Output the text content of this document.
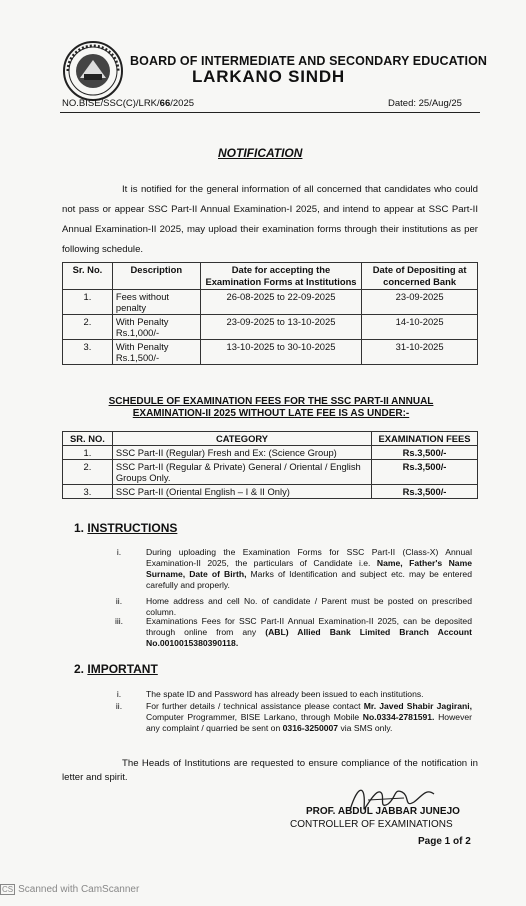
BOARD OF INTERMEDIATE AND SECONDARY EDUCATION
LARKANO SINDH
NO.BISE/SSC(C)/LRK/66/2025	Dated: 25/Aug/25
NOTIFICATION
It is notified for the general information of all concerned that candidates who could not pass or appear SSC Part-II Annual Examination-I 2025, and intend to appear at SSC Part-II Annual Examination-II 2025, may upload their examination forms through their institutions as per following schedule.
Sr. No.	Description	Date for accepting the Examination Forms at Institutions	Date of Depositing at concerned Bank
1.	Fees without penalty	26-08-2025 to 22-09-2025	23-09-2025
2.	With Penalty Rs.1,000/-	23-09-2025 to 13-10-2025	14-10-2025
3.	With Penalty Rs.1,500/-	13-10-2025 to 30-10-2025	31-10-2025
SCHEDULE OF EXAMINATION FEES FOR THE SSC PART-II ANNUAL
EXAMINATION-II 2025 WITHOUT LATE FEE IS AS UNDER:-
SR. NO.	CATEGORY	EXAMINATION FEES
1.	SSC Part-II (Regular) Fresh and Ex: (Science Group)	Rs.3,500/-
2.	SSC Part-II (Regular & Private) General / Oriental / English Groups Only.	Rs.3,500/-
3.	SSC Part-II (Oriental English – I & II Only)	Rs.3,500/-
1. INSTRUCTIONS
i.	During uploading the Examination Forms for SSC Part-II (Class-X) Annual Examination-II 2025, the particulars of Candidate i.e. Name, Father's Name Surname, Date of Birth, Marks of Identification and subject etc. may be entered carefully and properly.
ii.	Home address and cell No. of candidate / Parent must be posted on prescribed column.
iii.	Examinations Fees for SSC Part-II Annual Examination-II 2025, can be deposited through online from any (ABL) Allied Bank Limited Branch Account No.0010015380390118.
2. IMPORTANT
i.	The spate ID and Password has already been issued to each institutions.
ii.	For further details / technical assistance please contact Mr. Javed Shabir Jagirani, Computer Programmer, BISE Larkano, through Mobile No.0334-2781591. However any complaint / quarried be sent on 0316-3250007 via SMS only.
The Heads of Institutions are requested to ensure compliance of the notification in letter and spirit.
PROF. ABDUL JABBAR JUNEJO
CONTROLLER OF EXAMINATIONS
Page 1 of 2
CS Scanned with CamScanner
